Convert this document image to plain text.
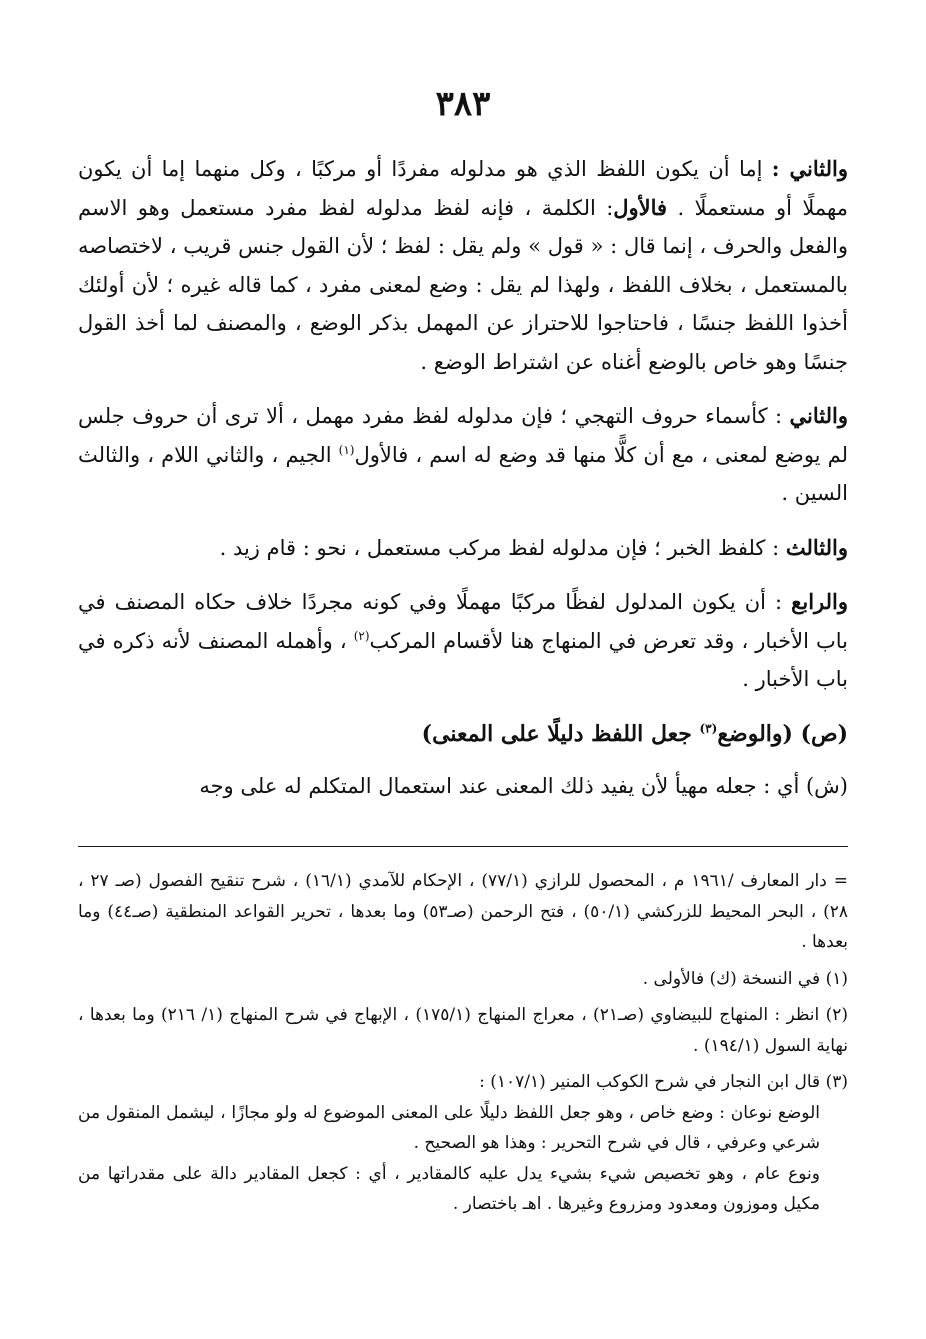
٣٨٣

والثاني : إما أن يكون اللفظ الذي هو مدلوله مفردًا أو مركبًا ، وكل منهما إما أن يكون مهملًا أو مستعملًا . فالأول: الكلمة ، فإنه لفظ مدلوله لفظ مفرد مستعمل وهو الاسم والفعل والحرف ، إنما قال : « قول » ولم يقل : لفظ ؛ لأن القول جنس قريب ، لاختصاصه بالمستعمل ، بخلاف اللفظ ، ولهذا لم يقل : وضع لمعنى مفرد ، كما قاله غيره ؛ لأن أولئك أخذوا اللفظ جنسًا ، فاحتاجوا للاحتراز عن المهمل بذكر الوضع ، والمصنف لما أخذ القول جنسًا وهو خاص بالوضع أغناه عن اشتراط الوضع .

والثاني : كأسماء حروف التهجي ؛ فإن مدلوله لفظ مفرد مهمل ، ألا ترى أن حروف جلس لم يوضع لمعنى ، مع أن كلًّا منها قد وضع له اسم ، فالأول$^{(١)}$ الجيم ، والثاني اللام ، والثالث السين .

والثالث : كلفظ الخبر ؛ فإن مدلوله لفظ مركب مستعمل ، نحو : قام زيد .

والرابع : أن يكون المدلول لفظًا مركبًا مهملًا وفي كونه مجردًا خلاف حكاه المصنف في باب الأخبار ، وقد تعرض في المنهاج هنا لأقسام المركب$^{(٢)}$ ، وأهمله المصنف لأنه ذكره في باب الأخبار .

(ص) (والوضع$^{(٣)}$ جعل اللفظ دليلًا على المعنى)

(ش) أي : جعله مهيأ لأن يفيد ذلك المعنى عند استعمال المتكلم له على وجه

= دار المعارف /١٩٦١ م ، المحصول للرازي (٧٧/١) ، الإحكام للآمدي (١٦/١) ، شرح تنقيح الفصول (صـ ٢٧ ، ٢٨) ، البحر المحيط للزركشي (٥٠/١) ، فتح الرحمن (صـ٥٣) وما بعدها ، تحرير القواعد المنطقية (صـ٤٤) وما بعدها .

(١) في النسخة (ك) فالأولى .

(٢) انظر : المنهاج للبيضاوي (صـ٢١) ، معراج المنهاج (١٧٥/١) ، الإبهاج في شرح المنهاج (١/ ٢١٦) وما بعدها ، نهاية السول (١٩٤/١) .

(٣) قال ابن النجار في شرح الكوكب المنير (١٠٧/١) :

الوضع نوعان : وضع خاص ، وهو جعل اللفظ دليلًا على المعنى الموضوع له ولو مجازًا ، ليشمل المنقول من شرعي وعرفي ، قال في شرح التحرير : وهذا هو الصحيح .

ونوع عام ، وهو تخصيص شيء بشيء يدل عليه كالمقادير ، أي : كجعل المقادير دالة على مقدراتها من مكيل وموزون ومعدود ومزروع وغيرها . اهـ باختصار .
